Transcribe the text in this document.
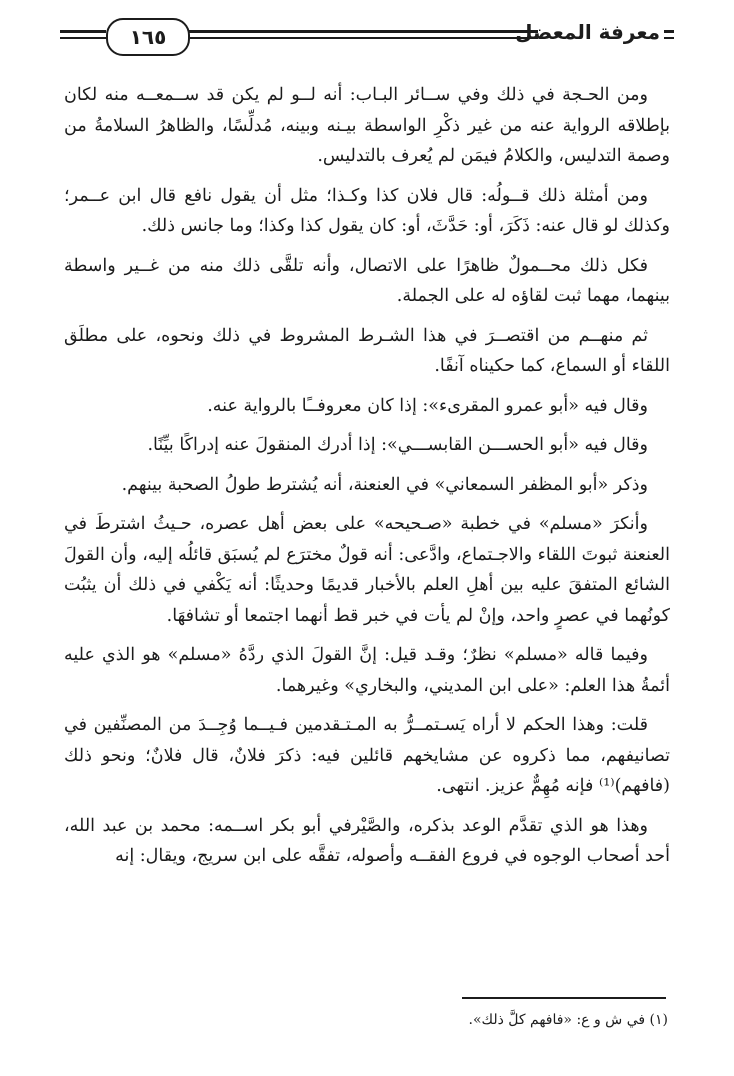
١٦٥	معرفة المعضل

ومن الحـجة في ذلك وفي ســائر البـاب: أنه لــو لم يكن قد ســمعــه منه لكان بإطلاقه الرواية عنه من غير ذكْرِ الواسطة بيـنه وبينه، مُدلِّسًا، والظاهرُ السلامةُ من وصمة التدليس، والكلامُ فيمَن لم يُعرف بالتدليس.

ومن أمثلة ذلك قــولُه: قال فلان كذا وكـذا؛ مثل أن يقول نافع قال ابن عــمر؛ وكذلك لو قال عنه: ذَكَرَ، أو: حَدَّثَ، أو: كان يقول كذا وكذا؛ وما جانس ذلك.

فكل ذلك محــمولٌ ظاهرًا على الاتصال، وأنه تلقَّى ذلك منه من غــير واسطة بينهما، مهما ثبت لقاؤه له على الجملة.

ثم منهــم من اقتصــرَ في هذا الشـرط المشروط في ذلك ونحوه، على مطلَق اللقاء أو السماع، كما حكيناه آنفًا.

وقال فيه «أبو عمرو المقرىء»: إذا كان معروفــًا بالرواية عنه.

وقال فيه «أبو الحســـن القابســـي»: إذا أدرك المنقولَ عنه إدراكًا بيِّنًا.

وذكر «أبو المظفر السمعاني» في العنعنة، أنه يُشترط طولُ الصحبة بينهم.

وأنكرَ «مسلم» في خطبة «صـحيحه» على بعض أهل عصره، حـيثُ اشترطَ في العنعنة ثبوتَ اللقاء والاجـتماع، وادَّعى: أنه قولٌ مخترَع لم يُسبَق قائلُه إليه، وأن القولَ الشائع المتفقَ عليه بين أهلِ العلم بالأخبار قديمًا وحديثًا: أنه يَكْفي في ذلك أن يثبُت كونُهما في عصرٍ واحد، وإنْ لم يأت في خبر قط أنهما اجتمعا أو تشافهَا.

وفيما قاله «مسلم» نظرٌ؛ وقـد قيل: إنَّ القولَ الذي ردَّهُ «مسلم» هو الذي عليه أئمةُ هذا العلم: «على ابن المديني، والبخاري» وغيرهما.

قلت: وهذا الحكم لا أراه يَسـتمــرُّ به المـتـقدمين فـيــما وُجِــدَ من المصنِّفين في تصانيفهم، مما ذكروه عن مشايخهم قائلين فيه: ذكرَ فلانٌ، قال فلانٌ؛ ونحو ذلك (فافهم)⁽¹⁾ فإنه مُهِمٌّ عزيز. انتهى.

وهذا هو الذي تقدَّم الوعد بذكره، والصَّيْرفي أبو بكر اســمه: محمد بن عبد الله، أحد أصحاب الوجوه في فروع الفقــه وأصوله، تفقَّه على ابن سريج، ويقال: إنه

(١) في ش و ع: «فافهم كلَّ ذلك».
